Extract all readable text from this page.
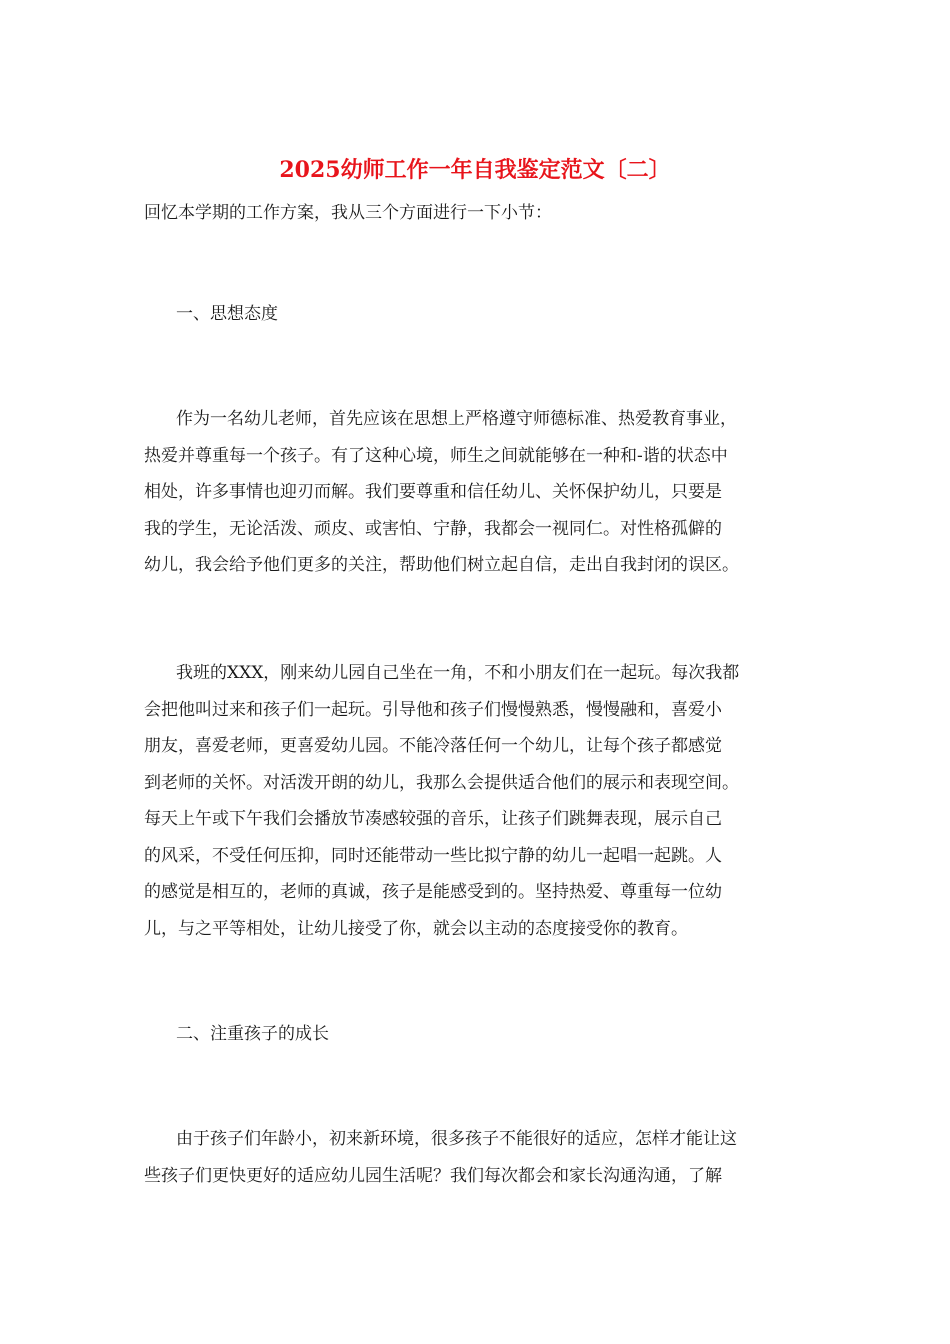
2025幼师工作一年自我鉴定范文〔二〕
回忆本学期的工作方案，我从三个方面进行一下小节：
一、思想态度
作为一名幼儿老师，首先应该在思想上严格遵守师德标准、热爱教育事业，
热爱并尊重每一个孩子。有了这种心境，师生之间就能够在一种和-谐的状态中
相处，许多事情也迎刃而解。我们要尊重和信任幼儿、关怀保护幼儿，只要是
我的学生，无论活泼、顽皮、或害怕、宁静，我都会一视同仁。对性格孤僻的
幼儿，我会给予他们更多的关注，帮助他们树立起自信，走出自我封闭的误区。
我班的XXX，刚来幼儿园自己坐在一角，不和小朋友们在一起玩。每次我都
会把他叫过来和孩子们一起玩。引导他和孩子们慢慢熟悉，慢慢融和，喜爱小
朋友，喜爱老师，更喜爱幼儿园。不能冷落任何一个幼儿，让每个孩子都感觉
到老师的关怀。对活泼开朗的幼儿，我那么会提供适合他们的展示和表现空间。
每天上午或下午我们会播放节凑感较强的音乐，让孩子们跳舞表现，展示自己
的风采，不受任何压抑，同时还能带动一些比拟宁静的幼儿一起唱一起跳。人
的感觉是相互的，老师的真诚，孩子是能感受到的。坚持热爱、尊重每一位幼
儿，与之平等相处，让幼儿接受了你，就会以主动的态度接受你的教育。
二、注重孩子的成长
由于孩子们年龄小，初来新环境，很多孩子不能很好的适应，怎样才能让这
些孩子们更快更好的适应幼儿园生活呢？我们每次都会和家长沟通沟通，了解
